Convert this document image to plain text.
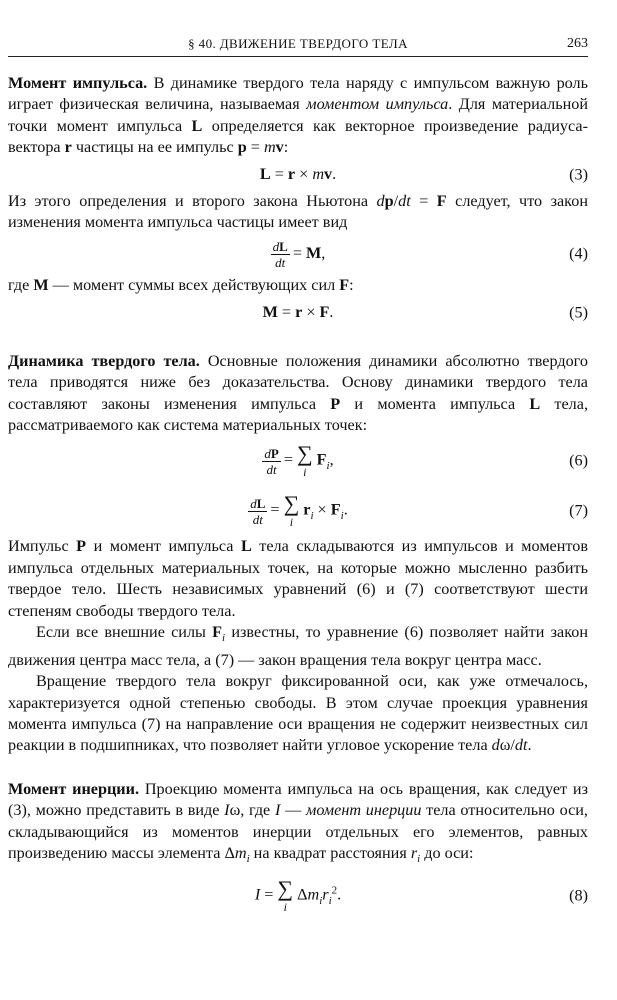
§ 40. ДВИЖЕНИЕ ТВЕРДОГО ТЕЛА	263

Момент импульса. В динамике твердого тела наряду с импульсом важную роль играет физическая величина, называемая моментом импульса. Для материальной точки момент импульса L определяется как векторное произведение радиуса-вектора r частицы на ее импульс p = mv:

L = r × mv.	(3)

Из этого определения и второго закона Ньютона dp/dt = F следует, что закон изменения момента импульса частицы имеет вид

$\frac{dL}{dt} = M$,	(4)

где M — момент суммы всех действующих сил F:

M = r × F.	(5)

Динамика твердого тела. Основные положения динамики абсолютно твердого тела приводятся ниже без доказательства. Основу динамики твердого тела составляют законы изменения импульса P и момента импульса L тела, рассматриваемого как система материальных точек:

$\frac{dP}{dt}$ = ∑
i
$F_i$,	(6)
$\frac{dL}{dt}$ = ∑
i
$r_i \times F_i$.	(7)

Импульс P и момент импульса L тела складываются из импульсов и моментов импульса отдельных материальных точек, на которые можно мысленно разбить твердое тело. Шесть независимых уравнений (6) и (7) соответствуют шести степеням свободы твердого тела.

Если все внешние силы $F_i$ известны, то уравнение (6) позволяет найти закон движения центра масс тела, а (7) — закон вращения тела вокруг центра масс.

Вращение твердого тела вокруг фиксированной оси, как уже отмечалось, характеризуется одной степенью свободы. В этом случае проекция уравнения момента импульса (7) на направление оси вращения не содержит неизвестных сил реакции в подшипниках, что позволяет найти угловое ускорение тела dω/dt.

Момент инерции. Проекцию момента импульса на ось вращения, как следует из (3), можно представить в виде Iω, где I — момент инерции тела относительно оси, складывающийся из моментов инерции отдельных его элементов, равных произведению массы элемента $\Delta m_i$ на квадрат расстояния $r_i$ до оси:

I = ∑
i
$\Delta m_ir_i^2$.	(8)
